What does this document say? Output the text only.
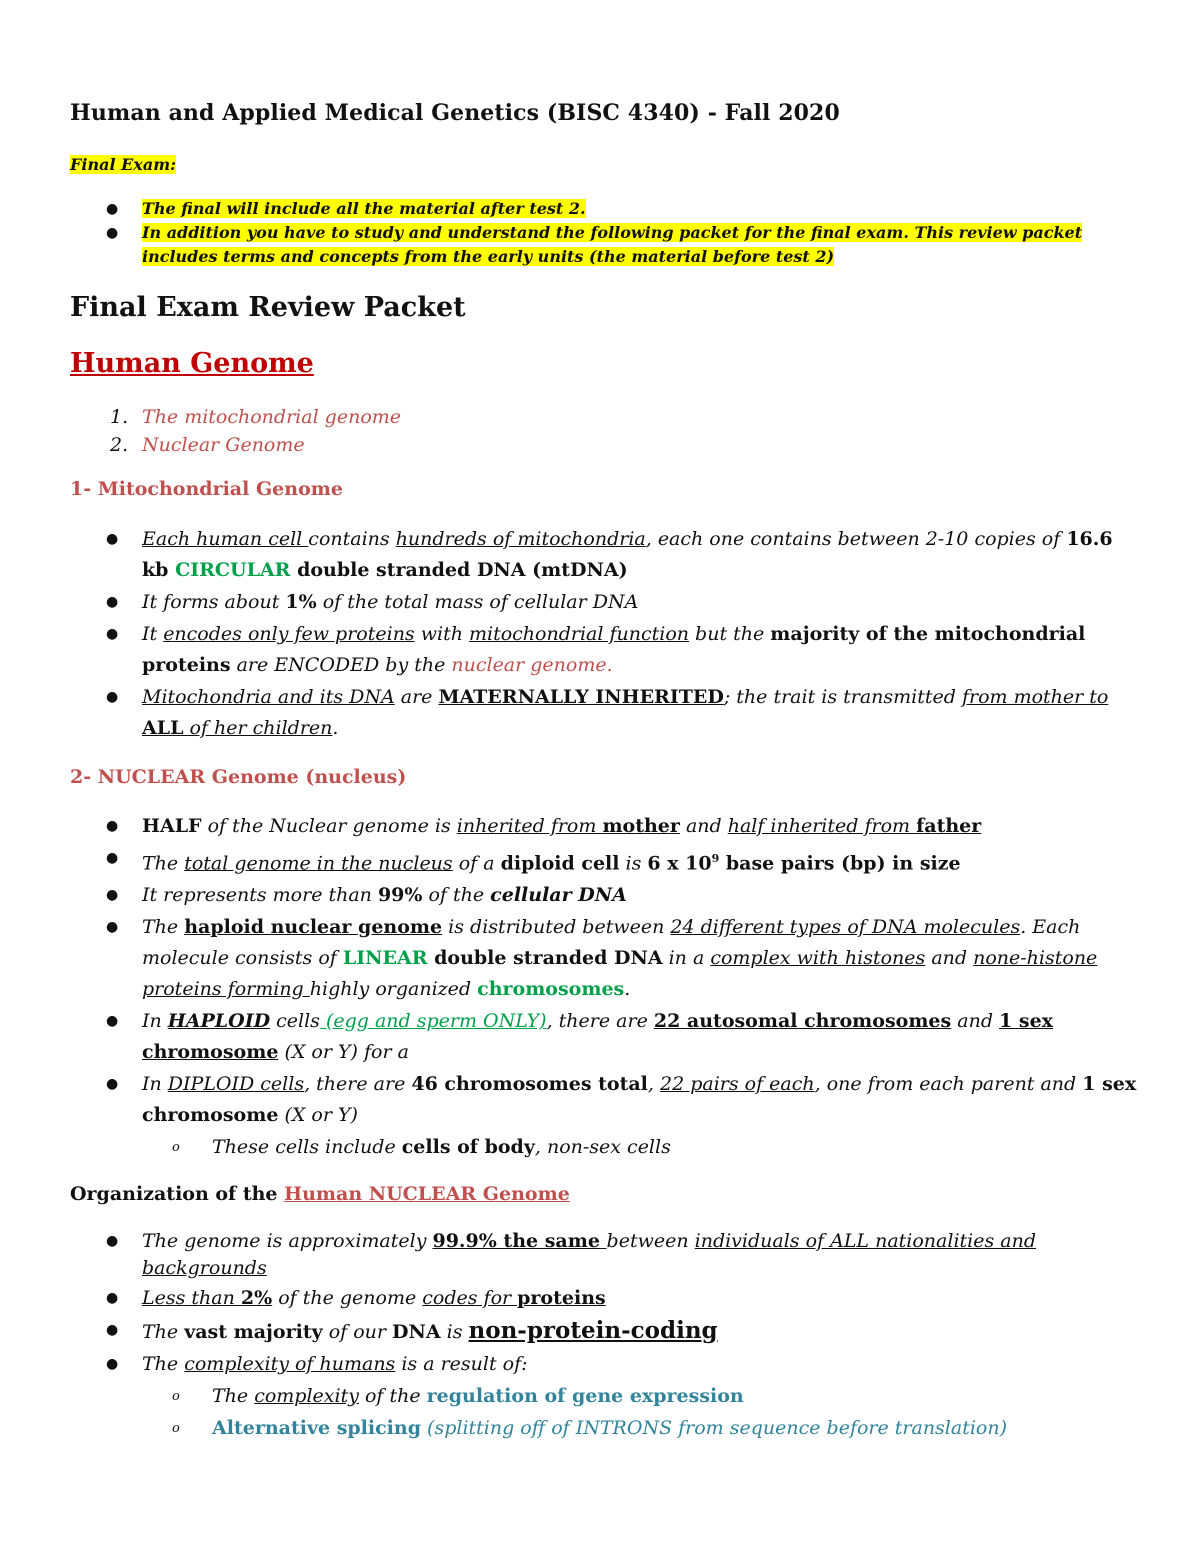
Human and Applied Medical Genetics (BISC 4340) - Fall 2020
Final Exam:
● The final will include all the material after test 2.
● In addition you have to study and understand the following packet for the final exam. This review packet includes terms and concepts from the early units (the material before test 2)
Final Exam Review Packet
Human Genome
1. The mitochondrial genome
2. Nuclear Genome
1- Mitochondrial Genome
● Each human cell contains hundreds of mitochondria, each one contains between 2-10 copies of 16.6 kb CIRCULAR double stranded DNA (mtDNA)
● It forms about 1% of the total mass of cellular DNA
● It encodes only few proteins with mitochondrial function but the majority of the mitochondrial proteins are ENCODED by the nuclear genome.
● Mitochondria and its DNA are MATERNALLY INHERITED; the trait is transmitted from mother to ALL of her children.
2- NUCLEAR Genome (nucleus)
● HALF of the Nuclear genome is inherited from mother and half inherited from father
● The total genome in the nucleus of a diploid cell is 6 x $10^9$ base pairs (bp) in size
● It represents more than 99% of the cellular DNA
● The haploid nuclear genome is distributed between 24 different types of DNA molecules. Each molecule consists of LINEAR double stranded DNA in a complex with histones and none-histone proteins forming highly organized chromosomes.
● In HAPLOID cells (egg and sperm ONLY), there are 22 autosomal chromosomes and 1 sex chromosome (X or Y) for a
● In DIPLOID cells, there are 46 chromosomes total, 22 pairs of each, one from each parent and 1 sex chromosome (X or Y)
o These cells include cells of body, non-sex cells
Organization of the Human NUCLEAR Genome
● The genome is approximately 99.9% the same between individuals of ALL nationalities and backgrounds
● Less than 2% of the genome codes for proteins
● The vast majority of our DNA is non-protein-coding
● The complexity of humans is a result of:
o The complexity of the regulation of gene expression
o Alternative splicing (splitting off of INTRONS from sequence before translation)
